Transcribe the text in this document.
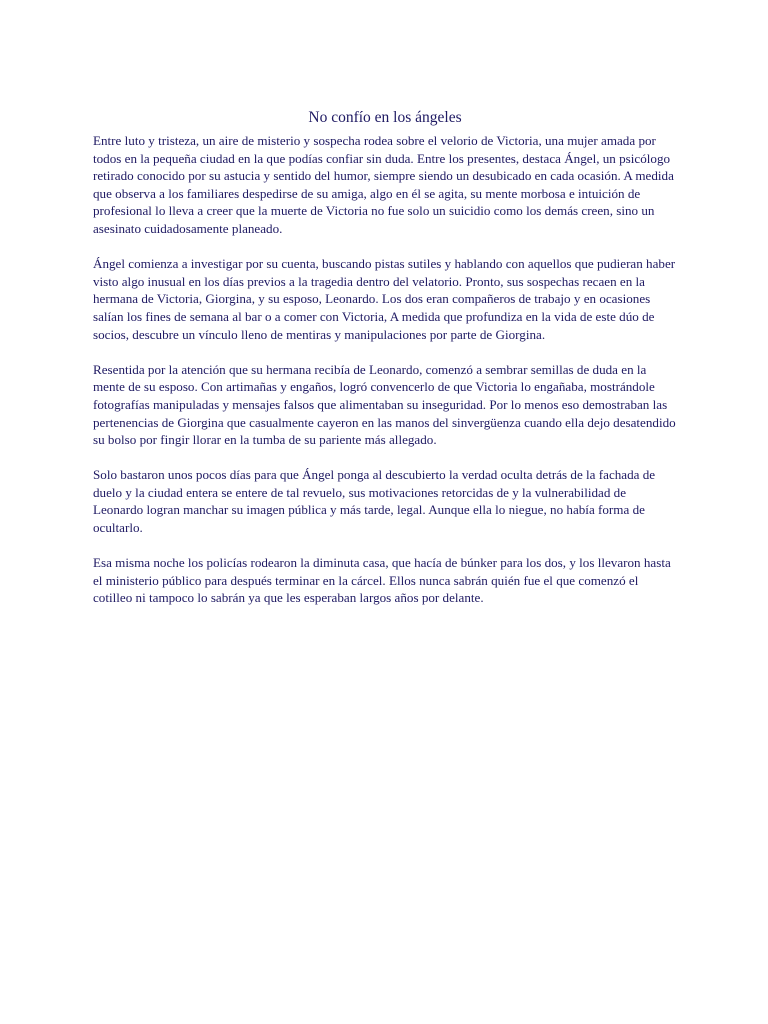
No confío en los ángeles

Entre luto y tristeza, un aire de misterio y sospecha rodea sobre el velorio de Victoria, una mujer amada por todos en la pequeña ciudad en la que podías confiar sin duda. Entre los presentes, destaca Ángel, un psicólogo retirado conocido por su astucia y sentido del humor, siempre siendo un desubicado en cada ocasión. A medida que observa a los familiares despedirse de su amiga, algo en él se agita, su mente morbosa e intuición de profesional lo lleva a creer que la muerte de Victoria no fue solo un suicidio como los demás creen, sino un asesinato cuidadosamente planeado.

Ángel comienza a investigar por su cuenta, buscando pistas sutiles y hablando con aquellos que pudieran haber visto algo inusual en los días previos a la tragedia dentro del velatorio. Pronto, sus sospechas recaen en la hermana de Victoria, Giorgina, y su esposo, Leonardo. Los dos eran compañeros de trabajo y en ocasiones salían los fines de semana al bar o a comer con Victoria, A medida que profundiza en la vida de este dúo de socios, descubre un vínculo lleno de mentiras y manipulaciones por parte de Giorgina.

Resentida por la atención que su hermana recibía de Leonardo, comenzó a sembrar semillas de duda en la mente de su esposo. Con artimañas y engaños, logró convencerlo de que Victoria lo engañaba, mostrándole fotografías manipuladas y mensajes falsos que alimentaban su inseguridad. Por lo menos eso demostraban las pertenencias de Giorgina que casualmente cayeron en las manos del sinvergüenza cuando ella dejo desatendido su bolso por fingir llorar en la tumba de su pariente más allegado.

Solo bastaron unos pocos días para que Ángel ponga al descubierto la verdad oculta detrás de la fachada de duelo y la ciudad entera se entere de tal revuelo, sus motivaciones retorcidas de y la vulnerabilidad de Leonardo logran manchar su imagen pública y más tarde, legal. Aunque ella lo niegue, no había forma de ocultarlo.

Esa misma noche los policías rodearon la diminuta casa, que hacía de búnker para los dos, y los llevaron hasta el ministerio público para después terminar en la cárcel. Ellos nunca sabrán quién fue el que comenzó el cotilleo ni tampoco lo sabrán ya que les esperaban largos años por delante.
